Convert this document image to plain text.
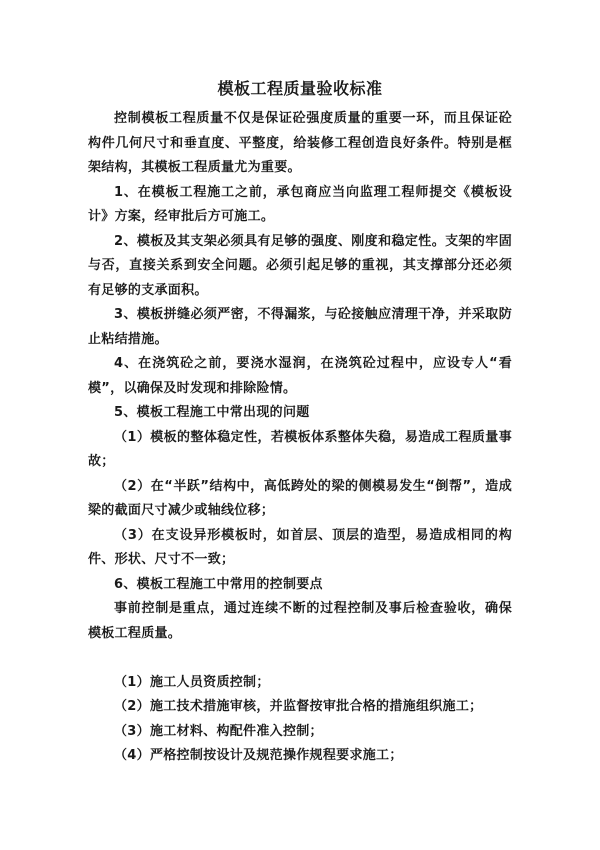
模板工程质量验收标准

控制模板工程质量不仅是保证砼强度质量的重要一环，而且保证砼构件几何尺寸和垂直度、平整度，给装修工程创造良好条件。特别是框架结构，其模板工程质量尤为重要。

1、在模板工程施工之前，承包商应当向监理工程师提交《模板设计》方案，经审批后方可施工。

2、模板及其支架必须具有足够的强度、刚度和稳定性。支架的牢固与否，直接关系到安全问题。必须引起足够的重视，其支撑部分还必须有足够的支承面积。

3、模板拼缝必须严密，不得漏浆，与砼接触应清理干净，并采取防止粘结措施。

4、在浇筑砼之前，要浇水湿润，在浇筑砼过程中，应设专人“看模”，以确保及时发现和排除险情。

5、模板工程施工中常出现的问题

（1）模板的整体稳定性，若模板体系整体失稳，易造成工程质量事故；

（2）在“半跃”结构中，高低跨处的梁的侧模易发生“倒帮”，造成梁的截面尺寸减少或轴线位移；

（3）在支设异形模板时，如首层、顶层的造型，易造成相同的构件、形状、尺寸不一致；

6、模板工程施工中常用的控制要点

事前控制是重点，通过连续不断的过程控制及事后检查验收，确保模板工程质量。

（1）施工人员资质控制；

（2）施工技术措施审核，并监督按审批合格的措施组织施工；

（3）施工材料、构配件准入控制；

（4）严格控制按设计及规范操作规程要求施工；
